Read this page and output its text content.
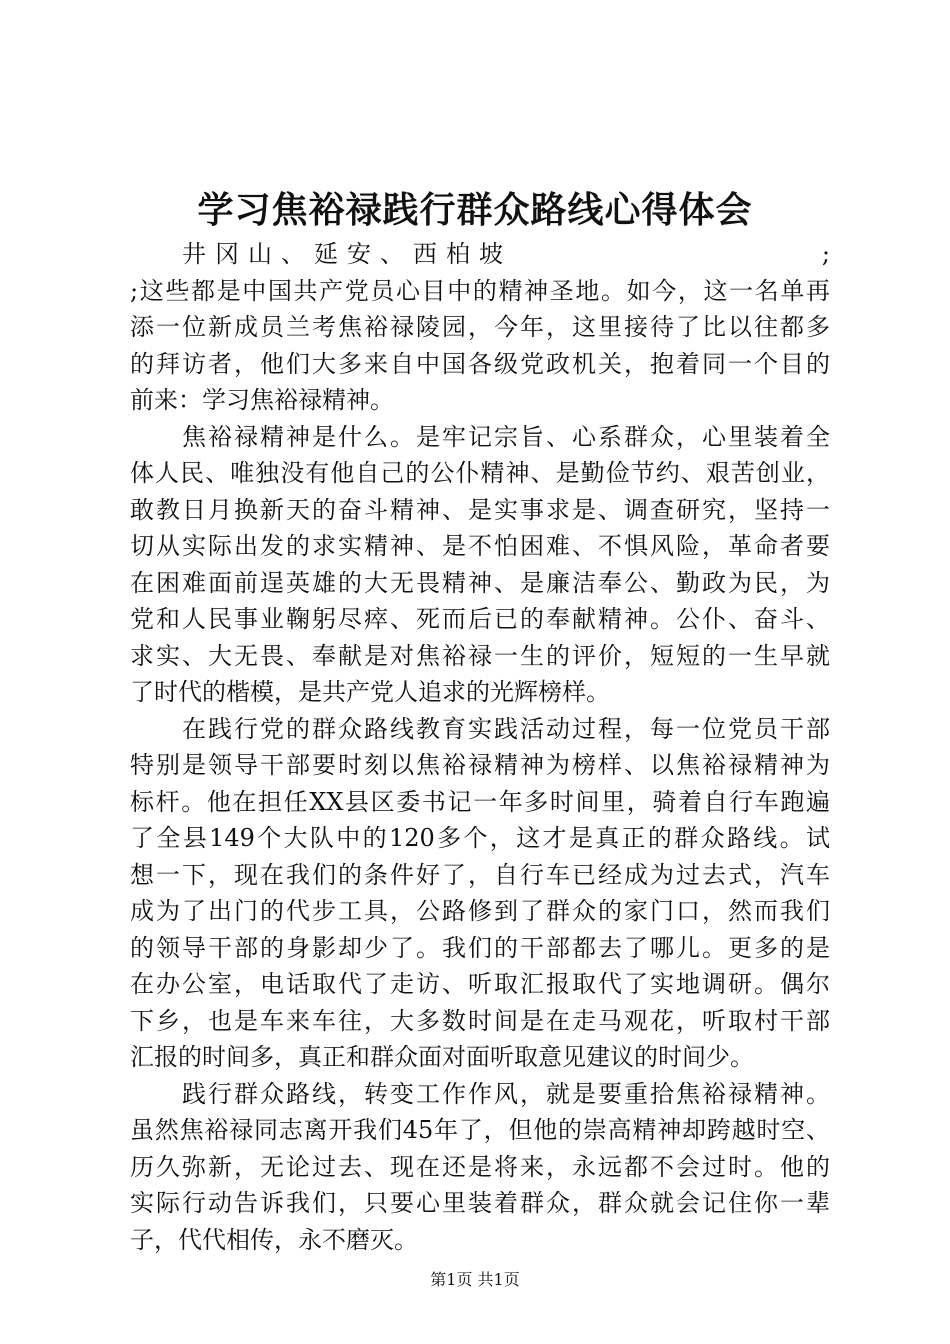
学习焦裕禄践行群众路线心得体会
井冈山、延安、西柏坡	;
;这些都是中国共产党员心目中的精神圣地。如今，这一名单再
添一位新成员兰考焦裕禄陵园，今年，这里接待了比以往都多
的拜访者，他们大多来自中国各级党政机关，抱着同一个目的
前来：学习焦裕禄精神。
焦裕禄精神是什么。是牢记宗旨、心系群众，心里装着全
体人民、唯独没有他自己的公仆精神、是勤俭节约、艰苦创业，
敢教日月换新天的奋斗精神、是实事求是、调查研究，坚持一
切从实际出发的求实精神、是不怕困难、不惧风险，革命者要
在困难面前逞英雄的大无畏精神、是廉洁奉公、勤政为民，为
党和人民事业鞠躬尽瘁、死而后已的奉献精神。公仆、奋斗、
求实、大无畏、奉献是对焦裕禄一生的评价，短短的一生早就
了时代的楷模，是共产党人追求的光辉榜样。
在践行党的群众路线教育实践活动过程，每一位党员干部
特别是领导干部要时刻以焦裕禄精神为榜样、以焦裕禄精神为
标杆。他在担任XX县区委书记一年多时间里，骑着自行车跑遍
了全县149个大队中的120多个，这才是真正的群众路线。试
想一下，现在我们的条件好了，自行车已经成为过去式，汽车
成为了出门的代步工具，公路修到了群众的家门口，然而我们
的领导干部的身影却少了。我们的干部都去了哪儿。更多的是
在办公室，电话取代了走访、听取汇报取代了实地调研。偶尔
下乡，也是车来车往，大多数时间是在走马观花，听取村干部
汇报的时间多，真正和群众面对面听取意见建议的时间少。
践行群众路线，转变工作作风，就是要重拾焦裕禄精神。
虽然焦裕禄同志离开我们45年了，但他的崇高精神却跨越时空、
历久弥新，无论过去、现在还是将来，永远都不会过时。他的
实际行动告诉我们，只要心里装着群众，群众就会记住你一辈
子，代代相传，永不磨灭。
第1页 共1页
